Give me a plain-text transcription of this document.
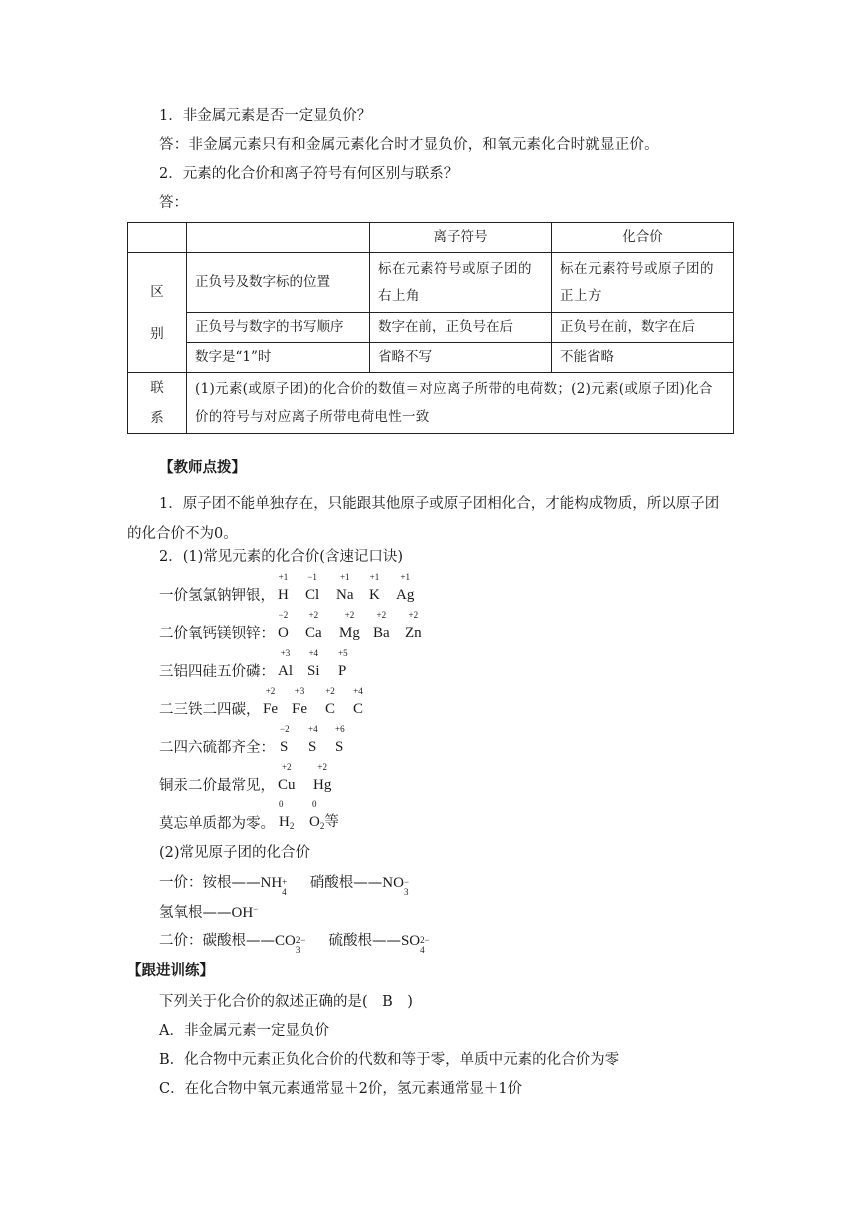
1．非金属元素是否一定显负价？
答：非金属元素只有和金属元素化合时才显负价，和氧元素化合时就显正价。
2．元素的化合价和离子符号有何区别与联系？
答：
		离子符号	化合价

区
别	正负号及数字标的位置	标在元素符号或原子团的右上角	标在元素符号或原子团的正上方
	正负号与数字的书写顺序	数字在前，正负号在后	正负号在前，数字在后
	数字是“1”时	省略不写	不能省略

联
系	(1)元素(或原子团)的化合价的数值＝对应离子所带的电荷数；(2)元素(或原子团)化合价的符号与对应离子所带电荷电性一致		
【教师点拨】
1．原子团不能单独存在，只能跟其他原子或原子团相化合，才能构成物质，所以原子团的化合价不为0。
2．(1)常见元素的化合价(含速记口诀)
一价氢氯钠钾银，
+1
H
−1
Cl
+1
Na
+1
K
+1
Ag
二价氧钙镁钡锌：
−2
O
+2
Ca
+2
Mg
+2
Ba
+2
Zn
三铝四硅五价磷：
+3
Al
+4
Si
+5
P
二三铁二四碳，
+2
Fe
+3
Fe
+2
C
+4
C
二四六硫都齐全：
−2
S
+4
S
+6
S
铜汞二价最常见，
+2
Cu
+2
Hg
莫忘单质都为零。
0
$H_2$
0
$O_2$等
(2)常见原子团的化合价
一价：铵根——NH +
4
硝酸根——NO −
3
氢氧根——OH−
二价：碳酸根——CO 2−
3
硫酸根——SO 2−
4
【跟进训练】
下列关于化合价的叙述正确的是(　B　)
A．非金属元素一定显负价
B．化合物中元素正负化合价的代数和等于零，单质中元素的化合价为零
C．在化合物中氧元素通常显＋2价，氢元素通常显＋1价
